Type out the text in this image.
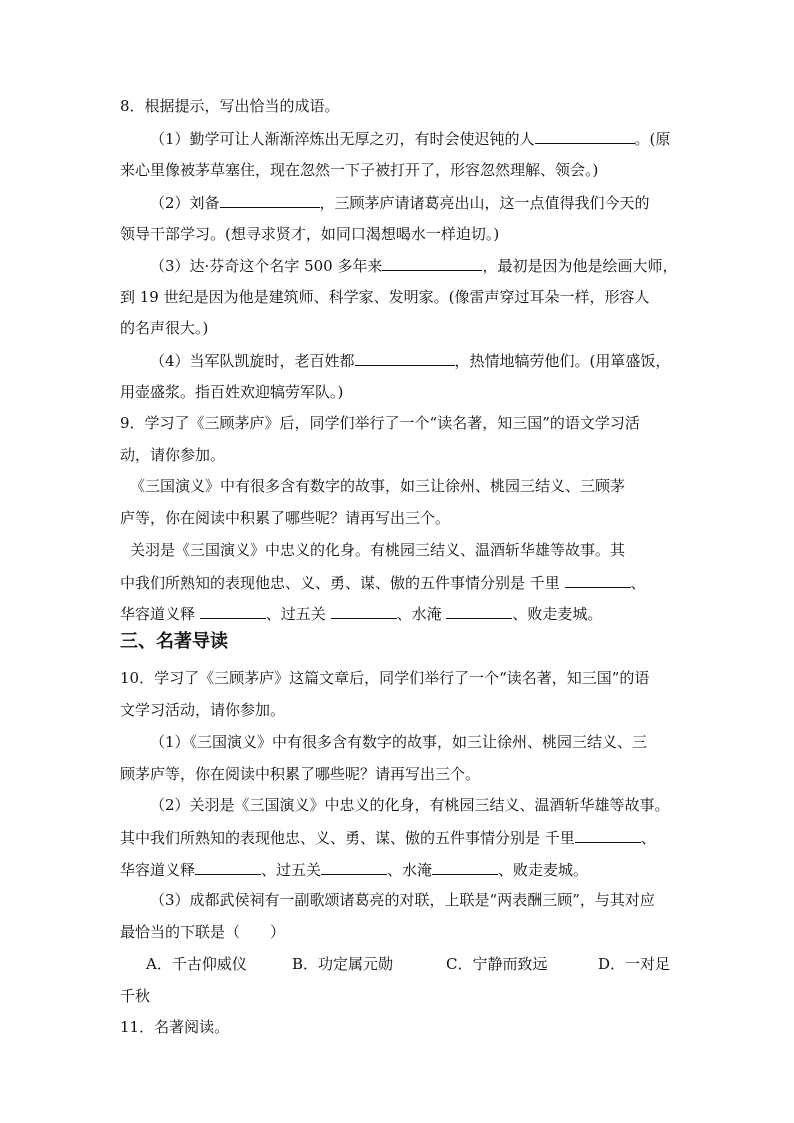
8．根据提示，写出恰当的成语。
（1）勤学可让人渐渐淬炼出无厚之刃，有时会使迟钝的人	。(原
来心里像被茅草塞住，现在忽然一下子被打开了，形容忽然理解、领会。)
（2）刘备	，三顾茅庐请诸葛亮出山，这一点值得我们今天的
领导干部学习。(想寻求贤才，如同口渴想喝水一样迫切。)
（3）达·芬奇这个名字 500 多年来	，最初是因为他是绘画大师，
到 19 世纪是因为他是建筑师、科学家、发明家。(像雷声穿过耳朵一样，形容人
的名声很大。)
（4）当军队凯旋时，老百姓都	，热情地犒劳他们。(用箪盛饭，
用壶盛浆。指百姓欢迎犒劳军队。)
9．学习了《三顾茅庐》后，同学们举行了一个“读名著，知三国”的语文学习活
动，请你参加。
《三国演义》中有很多含有数字的故事，如三让徐州、桃园三结义、三顾茅
庐等，你在阅读中积累了哪些呢？请再写出三个。
关羽是《三国演义》中忠义的化身。有桃园三结义、温酒斩华雄等故事。其
中我们所熟知的表现他忠、义、勇、谋、傲的五件事情分别是 千里	、
华容道义释	、过五关	、水淹	、败走麦城。
三、名著导读
10．学习了《三顾茅庐》这篇文章后，同学们举行了一个“读名著，知三国”的语
文学习活动，请你参加。
（1）《三国演义》中有很多含有数字的故事，如三让徐州、桃园三结义、三
顾茅庐等，你在阅读中积累了哪些呢？请再写出三个。
（2）关羽是《三国演义》中忠义的化身，有桃园三结义、温酒斩华雄等故事。
其中我们所熟知的表现他忠、义、勇、谋、傲的五件事情分别是 千里	、
华容道义释	、过五关	、水淹	、败走麦城。
（3）成都武侯祠有一副歌颂诸葛亮的对联，上联是“两表酬三顾”，与其对应
最恰当的下联是（　　）
A．千古仰威仪	B．功定属元勋	C．宁静而致远	D．一对足
千秋
11．名著阅读。
